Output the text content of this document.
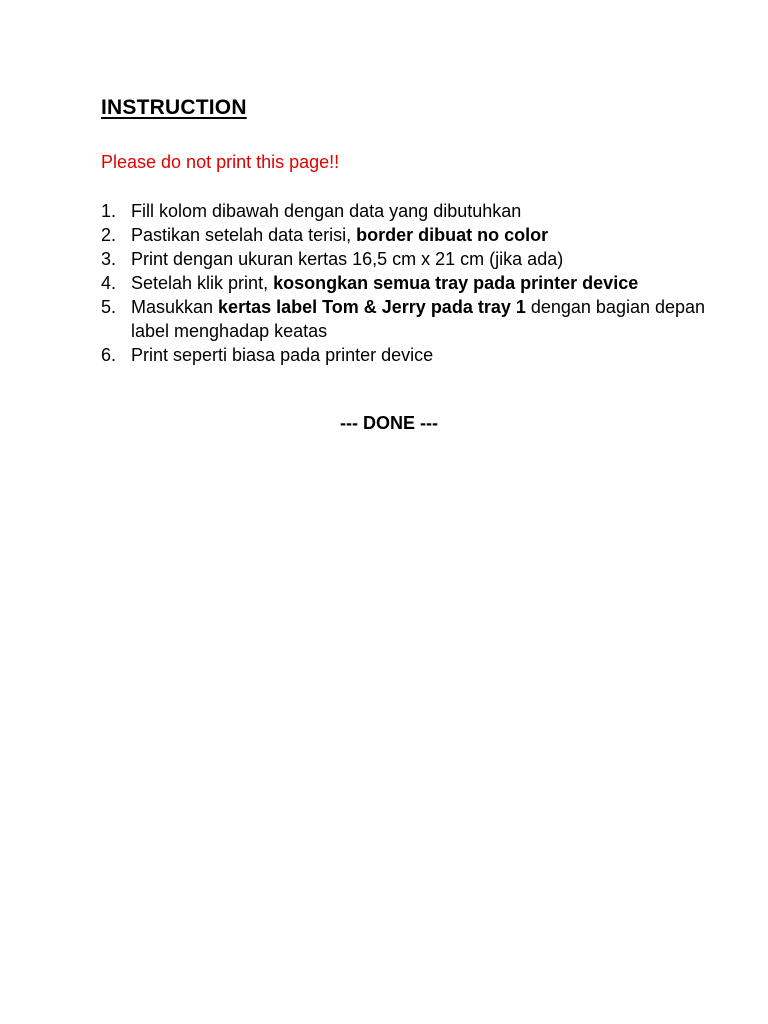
INSTRUCTION

Please do not print this page!!

1. Fill kolom dibawah dengan data yang dibutuhkan
2. Pastikan setelah data terisi, border dibuat no color
3. Print dengan ukuran kertas 16,5 cm x 21 cm (jika ada)
4. Setelah klik print, kosongkan semua tray pada printer device
5. Masukkan kertas label Tom & Jerry pada tray 1 dengan bagian depan label menghadap keatas
6. Print seperti biasa pada printer device

--- DONE ---
